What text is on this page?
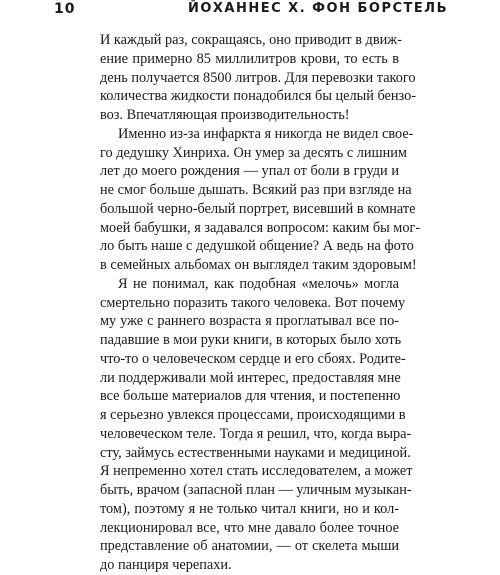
10	ЙОХАННЕС Х. ФОН БОРСТЕЛЬ
И каждый раз, сокращаясь, оно приводит в движ-
ение примерно 85 миллилитров крови, то есть в
день получается 8500 литров. Для перевозки такого
количества жидкости понадобился бы целый бензо-
воз. Впечатляющая производительность!
Именно из-за инфаркта я никогда не видел свое-
го дедушку Хинриха. Он умер за десять с лишним
лет до моего рождения — упал от боли в груди и
не смог больше дышать. Всякий раз при взгляде на
большой черно-белый портрет, висевший в комнате
моей бабушки, я задавался вопросом: каким бы мог-
ло быть наше с дедушкой общение? А ведь на фото
в семейных альбомах он выглядел таким здоровым!
Я не понимал, как подобная «мелочь» могла
смертельно поразить такого человека. Вот почему
му уже с раннего возраста я проглатывал все по-
падавшие в мои руки книги, в которых было хоть
что-то о человеческом сердце и его сбоях. Родите-
ли поддерживали мой интерес, предоставляя мне
все больше материалов для чтения, и постепенно
я серьезно увлекся процессами, происходящими в
человеческом теле. Тогда я решил, что, когда выра-
сту, займусь естественными науками и медициной.
Я непременно хотел стать исследователем, а может
быть, врачом (запасной план — уличным музыкан-
том), поэтому я не только читал книги, но и кол-
лекционировал все, что мне давало более точное
представление об анатомии, — от скелета мыши
до панциря черепахи.
